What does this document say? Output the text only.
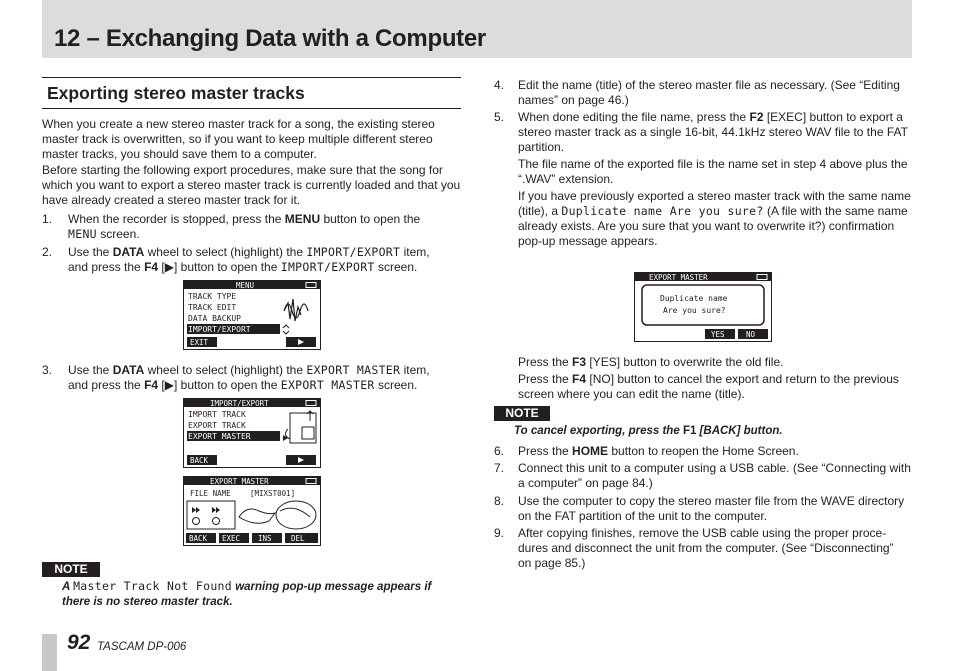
12 – Exchanging Data with a Computer
Exporting stereo master tracks

When you create a new stereo master track for a song, the existing stereo master track is overwritten, so if you want to keep multiple different stereo master tracks, you should save them to a computer.

Before starting the following export procedures, make sure that the song for which you want to export a stereo master track is currently loaded and that you have already created a stereo master track for it.

1. When the recorder is stopped, press the MENU button to open the
MENU screen.

2. Use the DATA wheel to select (highlight) the IMPORT/EXPORT item,
and press the F4 [▶] button to open the IMPORT/EXPORT screen.

MENU
TRACK TYPE
TRACK EDIT
DATA BACKUP
IMPORT/EXPORT
EXIT
3. Use the DATA wheel to select (highlight) the EXPORT MASTER item,
and press the F4 [▶] button to open the EXPORT MASTER screen.

IMPORT/EXPORT
IMPORT TRACK
EXPORT TRACK
EXPORT MASTER
BACK
EXPORT MASTER
FILE NAME	[MIXST001]
BACK EXEC INS	DEL
NOTE

A Master Track Not Found warning pop-up message appears if there is no stereo master track.

4. Edit the name (title) of the stereo master file as necessary. (See “Editing names” on page 46.)

5. When done editing the file name, press the F2 [EXEC] button to export a stereo master track as a single 16-bit, 44.1kHz stereo WAV file to the FAT partition.

The file name of the exported file is the name set in step 4 above plus the “.WAV” extension.

If you have previously exported a stereo master track with the same name (title), a Duplicate name Are you sure? (A file with the same name already exists. Are you sure that you want to overwrite it?) confirmation pop-up message appears.

EXPORT MASTER
Duplicate name
Are you sure?
YES	NO

Press the F3 [YES] button to overwrite the old file.

Press the F4 [NO] button to cancel the export and return to the previous screen where you can edit the name (title).

NOTE

To cancel exporting, press the F1 [BACK] button.

6. Press the HOME button to reopen the Home Screen.

7. Connect this unit to a computer using a USB cable. (See “Connecting with a computer” on page 84.)

8. Use the computer to copy the stereo master file from the WAVE directory on the FAT partition of the unit to the computer.

9. After copying finishes, remove the USB cable using the proper proce-dures and disconnect the unit from the computer. (See “Disconnecting” on page 85.)

92 TASCAM DP-006
